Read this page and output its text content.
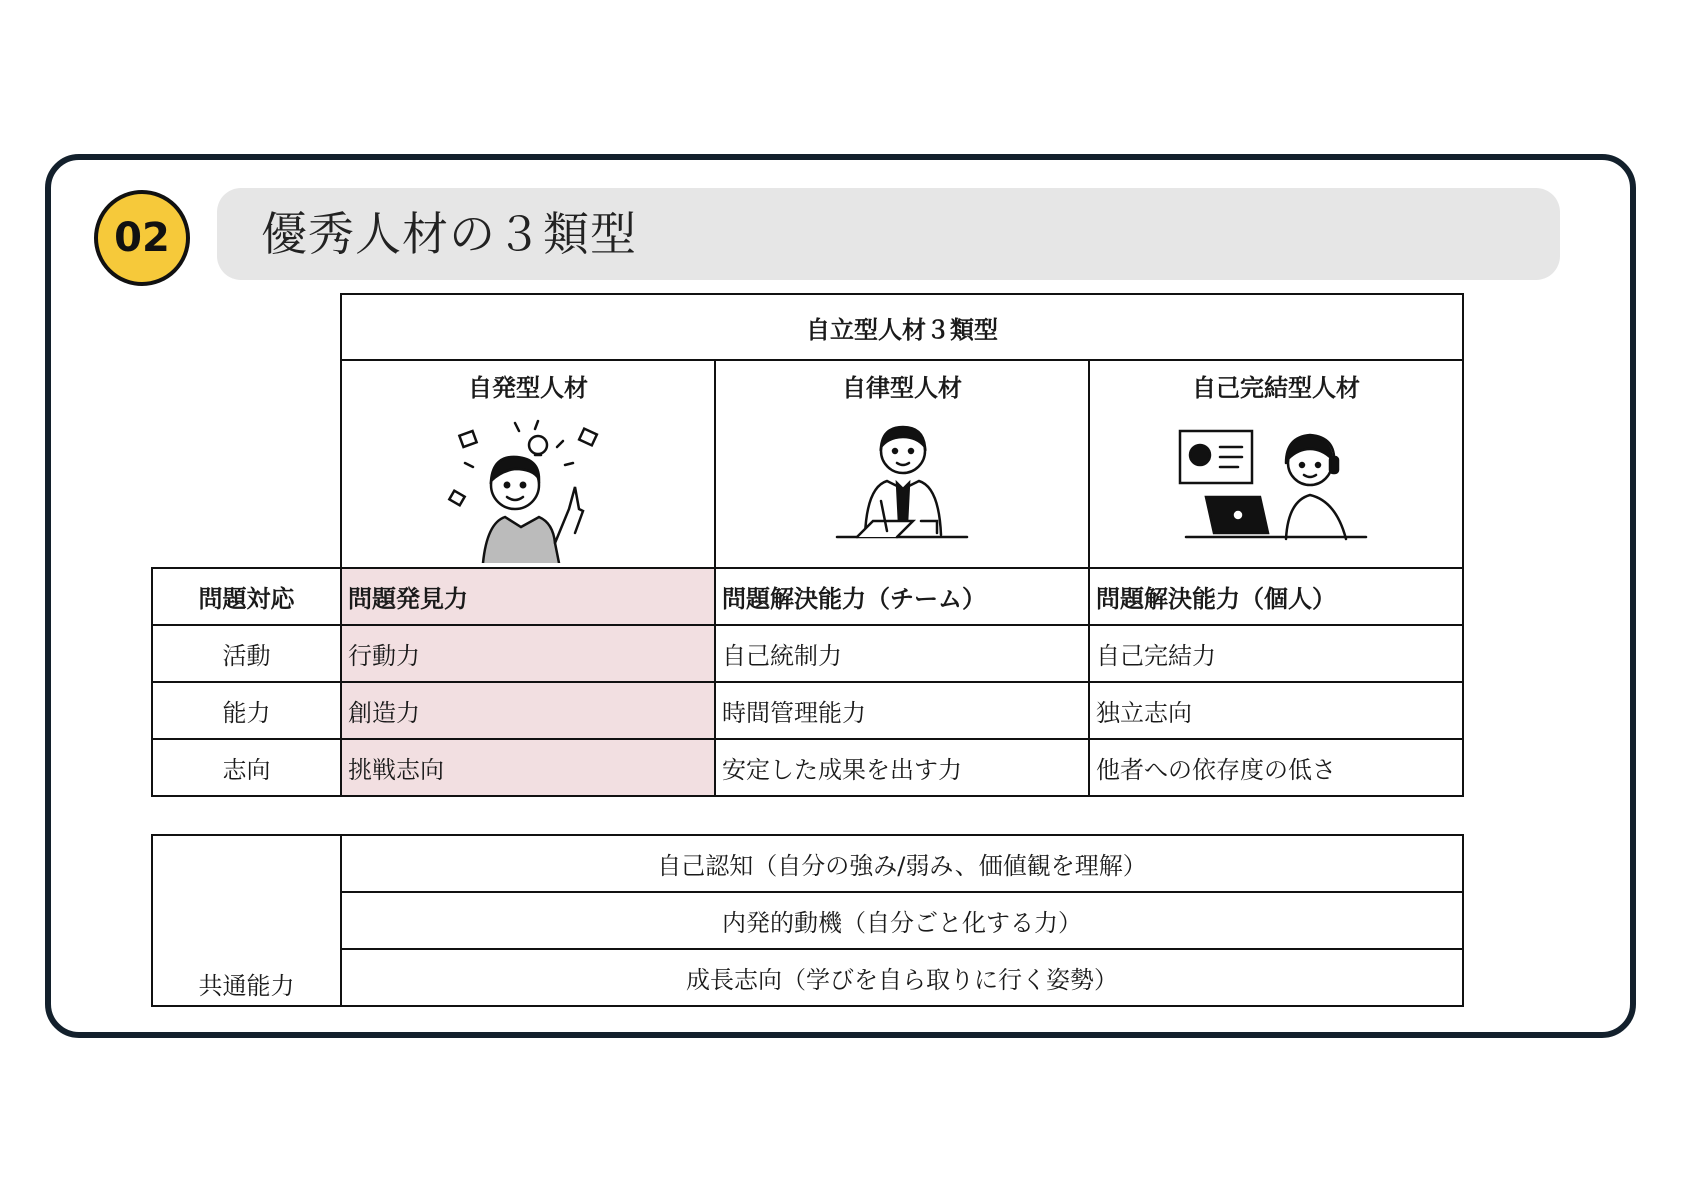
02	優秀人材の３類型
	自立型人材３類型		

	自発型人材	自律型人材	自己完結型人材

問題対応	問題発見力	問題解決能力（チーム）	問題解決能力（個人）
活動	行動力	自己統制力	自己完結力
能力	創造力	時間管理能力	独立志向
志向	挑戦志向	安定した成果を出す力	他者への依存度の低さ
共通能力	自己認知（自分の強み/弱み、価値観を理解）
内発的動機（自分ごと化する力）
成長志向（学びを自ら取りに行く姿勢）
